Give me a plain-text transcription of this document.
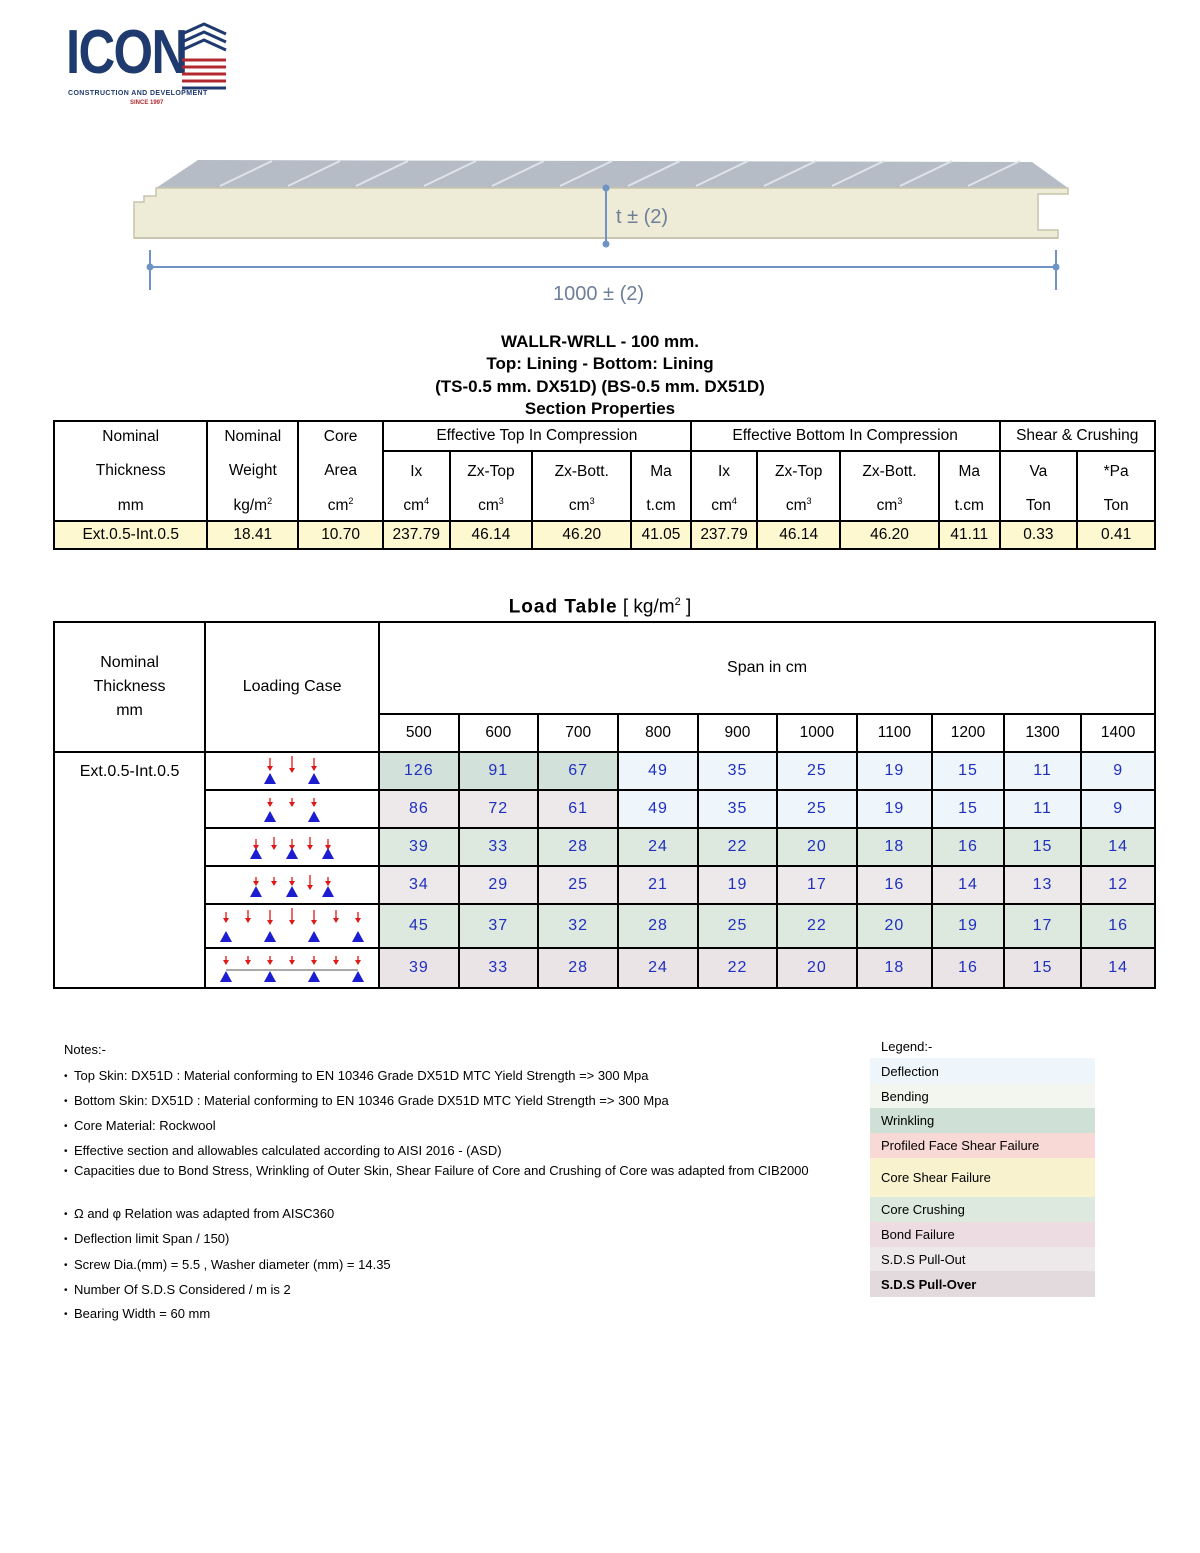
ICON
CONSTRUCTION AND DEVELOPMENT
SINCE 1997
t ± (2)
1000 ± (2)
WALLR-WRLL - 100 mm.
Top: Lining - Bottom: Lining
(TS-0.5 mm. DX51D) (BS-0.5 mm. DX51D)
Section Properties
Nominal	Nominal	Core	Effective Top In Compression				Effective Bottom In Compression				Shear & Crushing	
Thickness	Weight	Area	Ix	Zx-Top	Zx-Bott.	Ma	Ix	Zx-Top	Zx-Bott.	Ma	Va	*Pa
mm	$kg/m^2$	$cm^2$	$cm^4$	$cm^3$	$cm^3$	t.cm	$cm^4$	$cm^3$	$cm^3$	t.cm	Ton	Ton
Ext.0.5-Int.0.5	18.41	10.70	237.79	46.14	46.20	41.05	237.79	46.14	46.20	41.11	0.33	0.41
Load Table [ $kg/m^2$ ]
Nominal
Thickness
mm	Loading Case	Span in cm									
		500	600	700	800	900	1000	1100	1200	1300	1400
Ext.0.5-Int.0.5		126	91	67	49	35	25	19	15	11	9

	86	72	61	49	35	25	19	15	11	9

	39	33	28	24	22	20	18	16	15	14

	34	29	25	21	19	17	16	14	13	12

	45	37	32	28	25	22	20	19	17	16

	39	33	28	24	22	20	18	16	15	14
Notes:-
• Top Skin: DX51D : Material conforming to EN 10346 Grade DX51D MTC Yield Strength => 300 Mpa
• Bottom Skin: DX51D : Material conforming to EN 10346 Grade DX51D MTC Yield Strength => 300 Mpa
• Core Material: Rockwool
• Effective section and allowables calculated according to AISI 2016 - (ASD)
• Capacities due to Bond Stress, Wrinkling of Outer Skin, Shear Failure of Core and Crushing of Core was adapted from CIB2000
• Ω and φ Relation was adapted from AISC360
• Deflection limit Span / 150)
• Screw Dia.(mm) = 5.5 , Washer diameter (mm) = 14.35
• Number Of S.D.S Considered / m is 2
• Bearing Width = 60 mm
Legend:-
Deflection
Bending
Wrinkling
Profiled Face Shear Failure
Core Shear Failure
Core Crushing
Bond Failure
S.D.S Pull-Out
S.D.S Pull-Over
